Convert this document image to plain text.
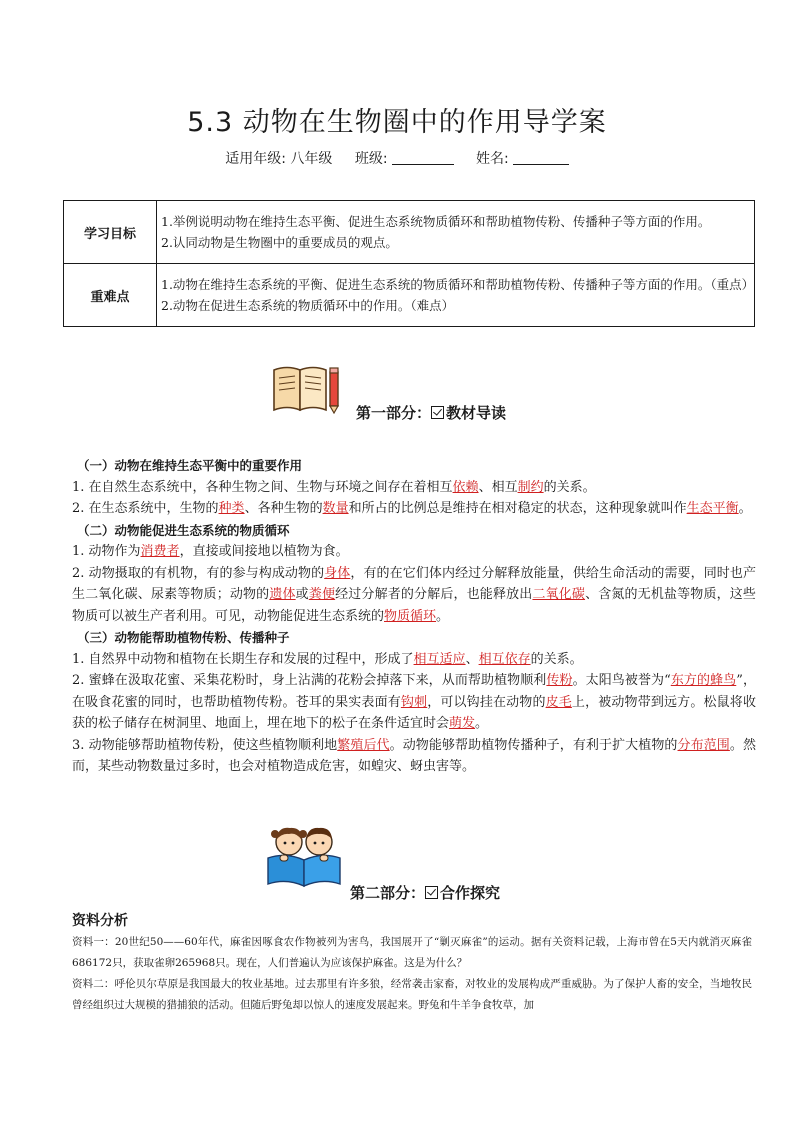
5.3 动物在生物圈中的作用导学案
适用年级: 八年级 班级:	姓名:
学习目标	1.举例说明动物在维持生态平衡、促进生态系统物质循环和帮助植物传粉、传播种子等方面的作用。
2.认同动物是生物圈中的重要成员的观点。

重难点	1.动物在维持生态系统的平衡、促进生态系统的物质循环和帮助植物传粉、传播种子等方面的作用。（重点）
2.动物在促进生态系统的物质循环中的作用。（难点）
第一部分： 教材导读

（一）动物在维持生态平衡中的重要作用

1. 在自然生态系统中，各种生物之间、生物与环境之间存在着相互依赖、相互制约的关系。

2. 在生态系统中，生物的种类、各种生物的数量和所占的比例总是维持在相对稳定的状态，这种现象就叫作生态平衡。

（二）动物能促进生态系统的物质循环

1. 动物作为消费者，直接或间接地以植物为食。

2. 动物摄取的有机物，有的参与构成动物的身体，有的在它们体内经过分解释放能量，供给生命活动的需要，同时也产生二氧化碳、尿素等物质；动物的遗体或粪便经过分解者的分解后，也能释放出二氧化碳、含氮的无机盐等物质，这些物质可以被生产者利用。可见，动物能促进生态系统的物质循环。

（三）动物能帮助植物传粉、传播种子

1. 自然界中动物和植物在长期生存和发展的过程中，形成了相互适应、相互依存的关系。

2. 蜜蜂在汲取花蜜、采集花粉时，身上沾满的花粉会掉落下来，从而帮助植物顺利传粉。太阳鸟被誉为“东方的蜂鸟”，在吸食花蜜的同时，也帮助植物传粉。苍耳的果实表面有钩刺，可以钩挂在动物的皮毛上，被动物带到远方。松鼠将收获的松子储存在树洞里、地面上，埋在地下的松子在条件适宜时会萌发。

3. 动物能够帮助植物传粉，使这些植物顺利地繁殖后代。动物能够帮助植物传播种子，有利于扩大植物的分布范围。然而，某些动物数量过多时，也会对植物造成危害，如蝗灾、蚜虫害等。

第二部分： 合作探究
资料分析

资料一：20世纪50——60年代，麻雀因啄食农作物被列为害鸟，我国展开了“剿灭麻雀”的运动。据有关资料记载，上海市曾在5天内就消灭麻雀686172只，获取雀卵265968只。现在，人们普遍认为应该保护麻雀。这是为什么？

资料二：呼伦贝尔草原是我国最大的牧业基地。过去那里有许多狼，经常袭击家畜，对牧业的发展构成严重威胁。为了保护人畜的安全，当地牧民曾经组织过大规模的猎捕狼的活动。但随后野兔却以惊人的速度发展起来。野兔和牛羊争食牧草，加
